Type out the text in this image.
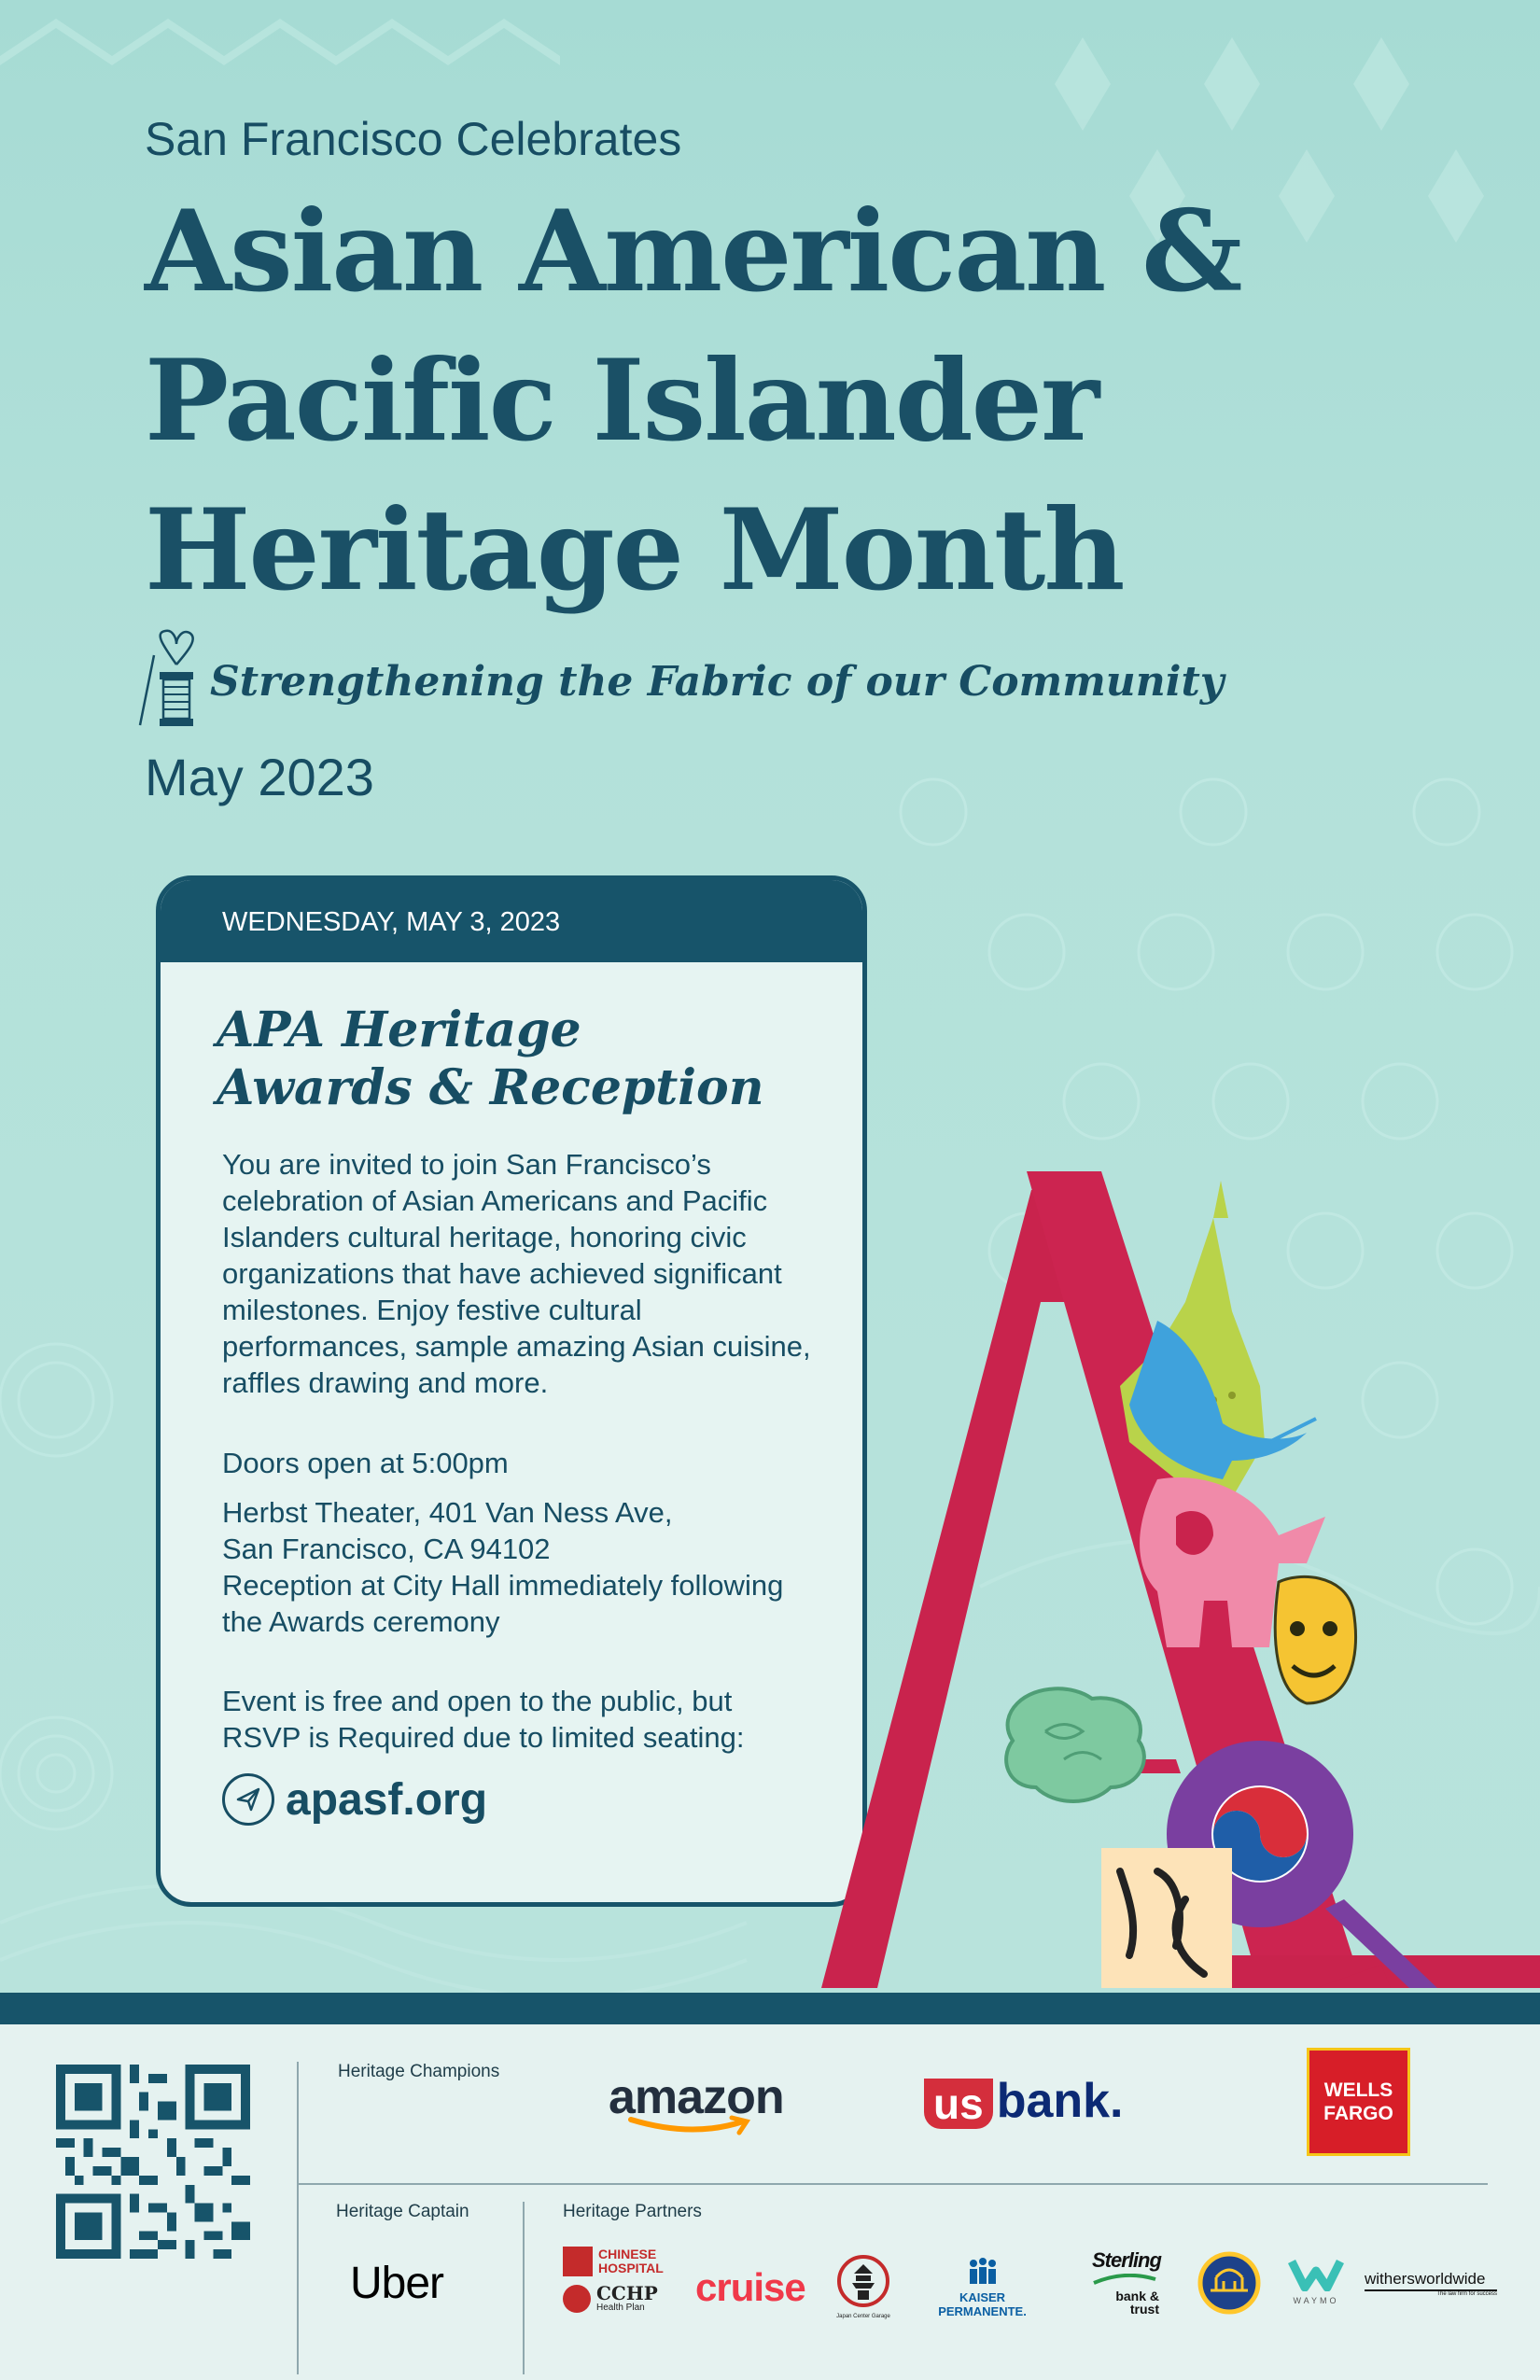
San Francisco Celebrates
Asian American &
Pacific Islander
Heritage Month
Strengthening the Fabric of our Community
May 2023
WEDNESDAY, MAY 3, 2023
APA Heritage
Awards & Reception
You are invited to join San Francisco’s celebration of Asian Americans and Pacific Islanders cultural heritage, honoring civic organizations that have achieved significant milestones. Enjoy festive cultural performances, sample amazing Asian cuisine, raffles drawing and more.
Doors open at 5:00pm
Herbst Theater, 401 Van Ness Ave,
San Francisco, CA 94102
Reception at City Hall immediately following the Awards ceremony
Event is free and open to the public, but RSVP is Required due to limited seating:
apasf.org
Heritage Champions
Heritage Captain	Heritage Partners
amazon	us bank.	WELLS
FARGO
Uber
CHINESE HOSPITAL
CCHP
Health Plan	cruise
Japan Center Garage
KAISER PERMANENTE.
Sterling
bank & trust
WAYMO
withersworldwide
The law firm for success
